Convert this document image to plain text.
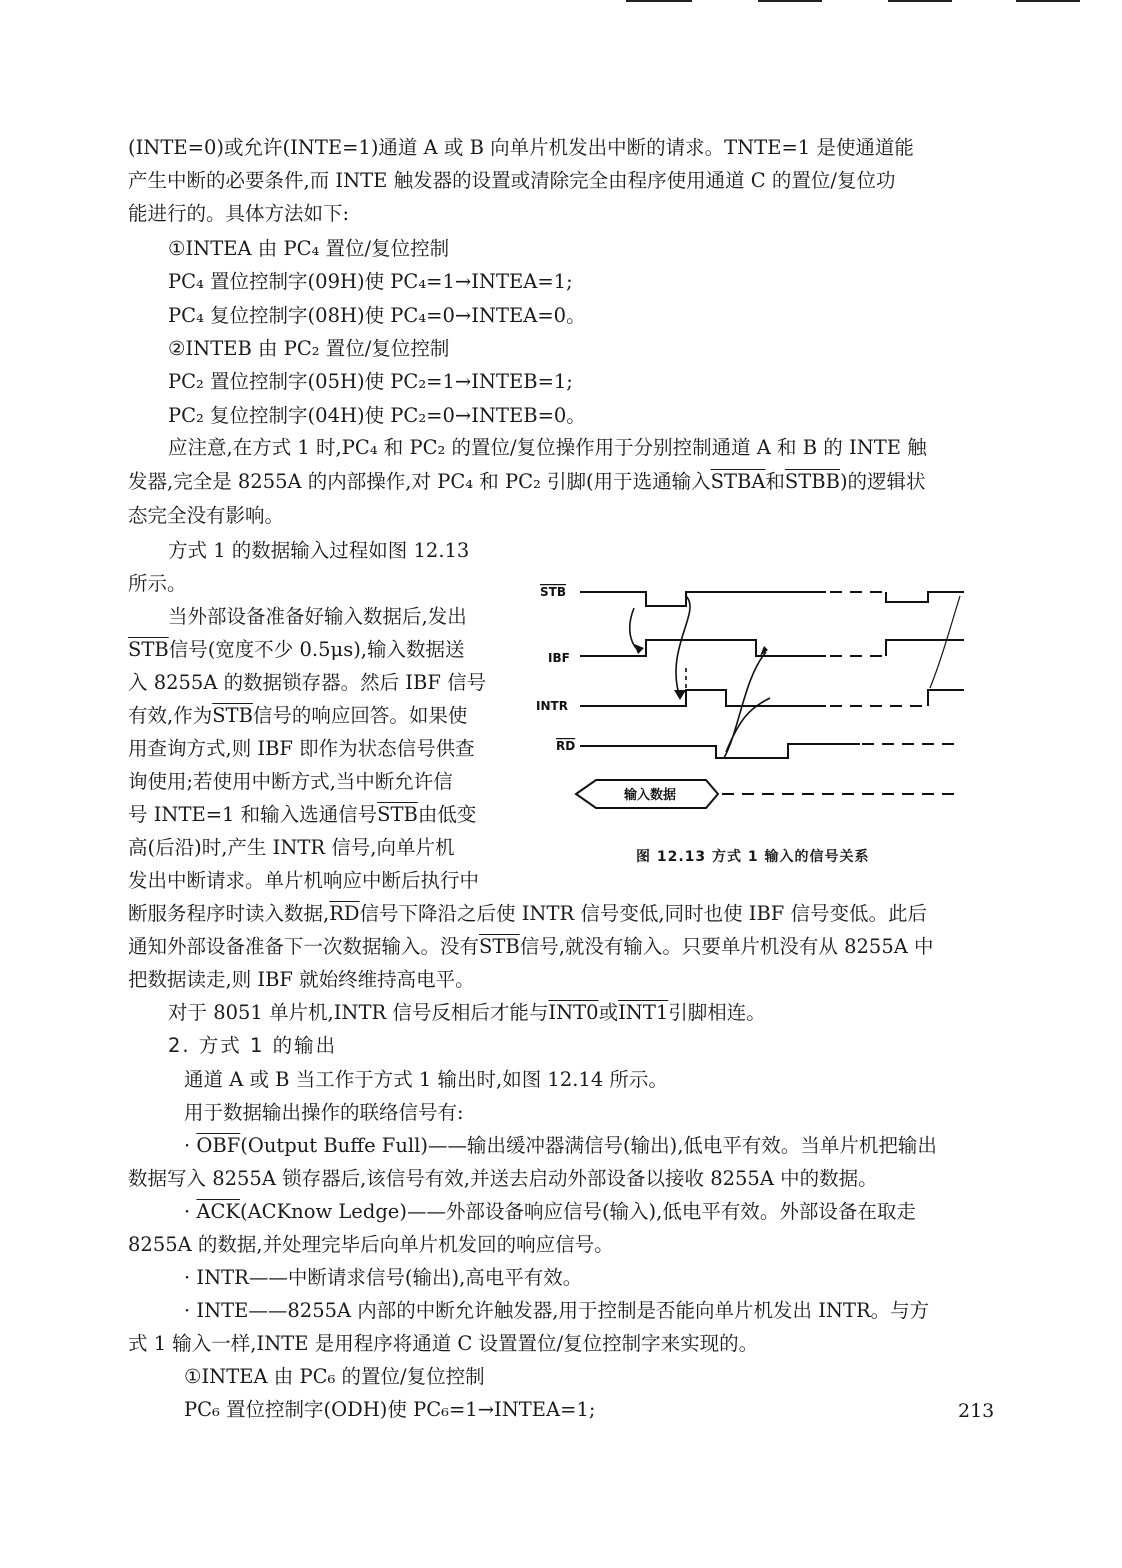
(INTE=0)或允许(INTE=1)通道 A 或 B 向单片机发出中断的请求。TNTE=1 是使通道能
产生中断的必要条件,而 INTE 触发器的设置或清除完全由程序使用通道 C 的置位/复位功
能进行的。具体方法如下:
①INTEA 由 PC₄ 置位/复位控制
PC₄ 置位控制字(09H)使 PC₄=1→INTEA=1;
PC₄ 复位控制字(08H)使 PC₄=0→INTEA=0。
②INTEB 由 PC₂ 置位/复位控制
PC₂ 置位控制字(05H)使 PC₂=1→INTEB=1;
PC₂ 复位控制字(04H)使 PC₂=0→INTEB=0。
应注意,在方式 1 时,PC₄ 和 PC₂ 的置位/复位操作用于分别控制通道 A 和 B 的 INTE 触
发器,完全是 8255A 的内部操作,对 PC₄ 和 PC₂ 引脚(用于选通输入STBA和STBB)的逻辑状
态完全没有影响。
方式 1 的数据输入过程如图 12.13
所示。
当外部设备准备好输入数据后,发出
$\overline{STB}$信号(宽度不少 0.5μs),输入数据送
入 8255A 的数据锁存器。然后 IBF 信号
有效,作为$\overline{STB}$信号的响应回答。如果使
用查询方式,则 IBF 即作为状态信号供查
询使用;若使用中断方式,当中断允许信
号 INTE=1 和输入选通信号$\overline{STB}$由低变
高(后沿)时,产生 INTR 信号,向单片机
发出中断请求。单片机响应中断后执行中
STB
IBF
INTR
RD
输入数据
图 12.13 方式 1 输入的信号关系
断服务程序时读入数据$,\overline{RD}$信号下降沿之后使 INTR 信号变低,同时也使 IBF 信号变低。此后
通知外部设备准备下一次数据输入。没有$\overline{STB}$信号,就没有输入。只要单片机没有从 8255A 中
把数据读走,则 IBF 就始终维持高电平。
对于 8051 单片机,INTR 信号反相后才能与INT0或INT1引脚相连。
2. 方式 1 的输出
通道 A 或 B 当工作于方式 1 输出时,如图 12.14 所示。
用于数据输出操作的联络信号有:
· $\overline{OBF}(Output$ Buffe Full)——输出缓冲器满信号(输出),低电平有效。当单片机把输出
数据写入 8255A 锁存器后,该信号有效,并送去启动外部设备以接收 8255A 中的数据。
· $\overline{ACK}(ACKnow$ Ledge)——外部设备响应信号(输入),低电平有效。外部设备在取走
8255A 的数据,并处理完毕后向单片机发回的响应信号。
· INTR——中断请求信号(输出),高电平有效。
· INTE——8255A 内部的中断允许触发器,用于控制是否能向单片机发出 INTR。与方
式 1 输入一样,INTE 是用程序将通道 C 设置置位/复位控制字来实现的。
①INTEA 由 PC₆ 的置位/复位控制
PC₆ 置位控制字(ODH)使 PC₆=1→INTEA=1;	213
